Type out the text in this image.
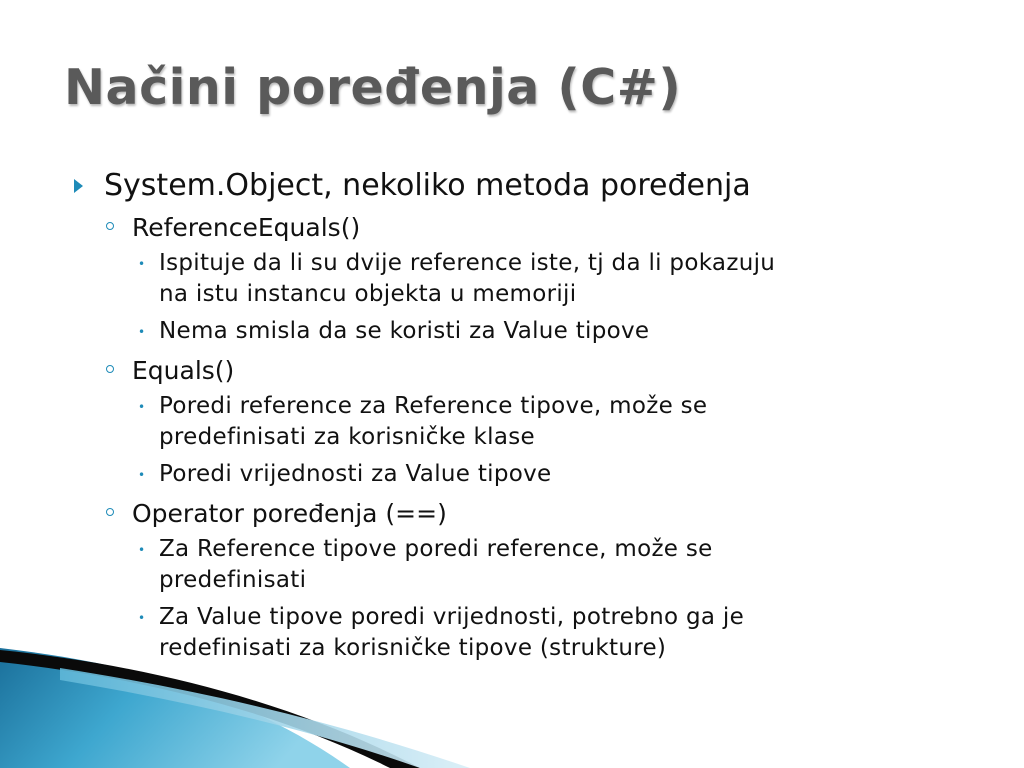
Načini poređenja (C#)
System.Object, nekoliko metoda poređenja
ReferenceEquals()
• Ispituje da li su dvije reference iste, tj da li pokazuju
na istu instancu objekta u memoriji
• Nema smisla da se koristi za Value tipove
Equals()
• Poredi reference za Reference tipove, može se
predefinisati za korisničke klase
• Poredi vrijednosti za Value tipove
Operator poređenja (==)
• Za Reference tipove poredi reference, može se
predefinisati
• Za Value tipove poredi vrijednosti, potrebno ga je
redefinisati za korisničke tipove (strukture)
